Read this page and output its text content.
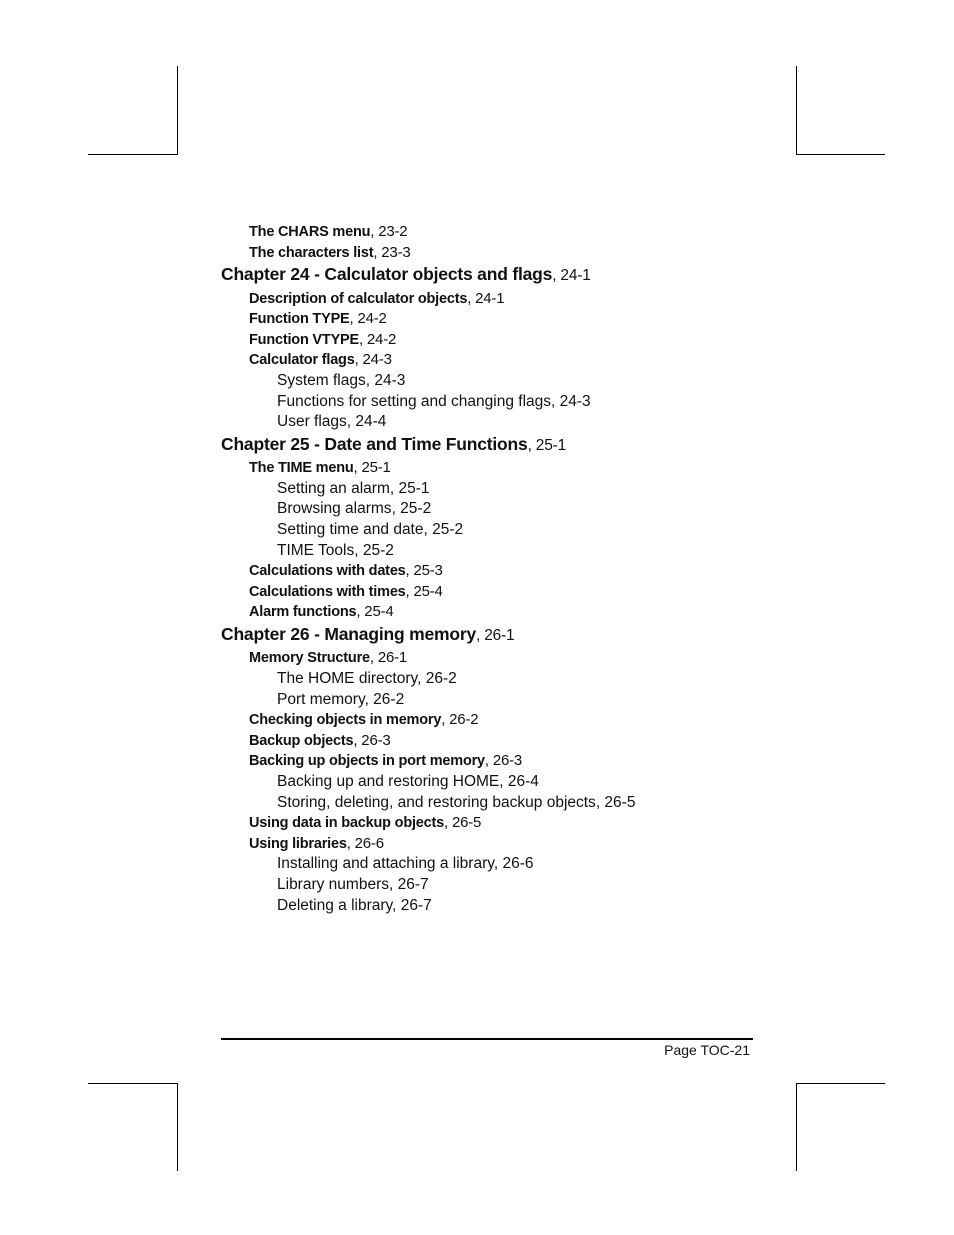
The CHARS menu, 23-2
The characters list, 23-3
Chapter 24 - Calculator objects and flags, 24-1
Description of calculator objects, 24-1
Function TYPE, 24-2
Function VTYPE, 24-2
Calculator flags, 24-3
System flags, 24-3
Functions for setting and changing flags, 24-3
User flags, 24-4
Chapter 25 - Date and Time Functions, 25-1
The TIME menu, 25-1
Setting an alarm, 25-1
Browsing alarms, 25-2
Setting time and date, 25-2
TIME Tools, 25-2
Calculations with dates, 25-3
Calculations with times, 25-4
Alarm functions, 25-4
Chapter 26 - Managing memory, 26-1
Memory Structure, 26-1
The HOME directory, 26-2
Port memory, 26-2
Checking objects in memory, 26-2
Backup objects, 26-3
Backing up objects in port memory, 26-3
Backing up and restoring HOME, 26-4
Storing, deleting, and restoring backup objects, 26-5
Using data in backup objects, 26-5
Using libraries, 26-6
Installing and attaching a library, 26-6
Library numbers, 26-7
Deleting a library, 26-7
Page TOC-21
